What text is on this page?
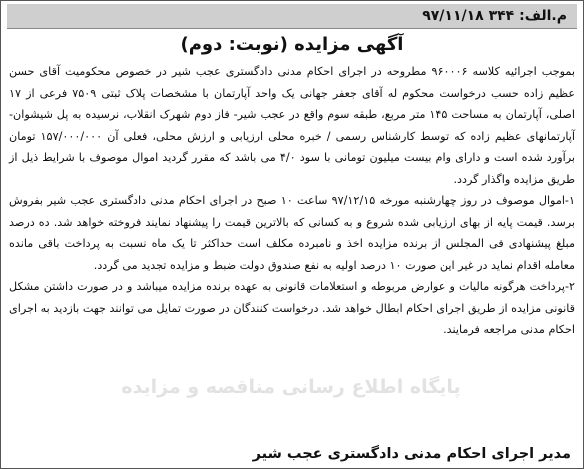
م.الف: ۳۴۴ ۹۷/۱۱/۱۸
آگهی مزایده (نوبت: دوم)

بموجب اجرائیه کلاسه ۹۶۰۰۰۶ مطروحه در اجرای احکام مدنی دادگستری عجب شیر در خصوص محکومیت آقای حسن عظیم زاده حسب درخواست محکوم له آقای جعفر جهانی یک واحد آپارتمان با مشخصات پلاک ثبتی ۷۵۰۹ فرعی از ۱۷ اصلی، آپارتمان به مساحت ۱۴۵ متر مربع، طبقه سوم واقع در عجب شیر- فاز دوم شهرک انقلاب، نرسیده به پل شیشوان- آپارتمانهای عظیم زاده که توسط کارشناس رسمی / خبره محلی ارزیابی و ارزش محلی، فعلی آن ۱۵۷/۰۰۰/۰۰۰ تومان برآورد شده است و دارای وام بیست میلیون تومانی با سود ۴/۰ می باشد که مقرر گردید اموال موصوف با شرایط ذیل از طریق مزایده واگذار گردد.

۱-اموال موصوف در روز چهارشنبه مورخه ۹۷/۱۲/۱۵ ساعت ۱۰ صبح در اجرای احکام مدنی دادگستری عجب شیر بفروش برسد. قیمت پایه از بهای ارزیابی شده شروع و به کسانی که بالاترین قیمت را پیشنهاد نمایند فروخته خواهد شد. ده درصد مبلغ پیشنهادی فی المجلس از برنده مزایده اخذ و نامبرده مکلف است حداکثر تا یک ماه نسبت به پرداخت باقی مانده معامله اقدام نماید در غیر این صورت ۱۰ درصد اولیه به نفع صندوق دولت ضبط و مزایده تجدید می گردد.

۲-پرداخت هرگونه مالیات و عوارض مربوطه و استعلامات قانونی به عهده برنده مزایده میباشد و در صورت داشتن مشکل قانونی مزایده از طریق اجرای احکام ابطال خواهد شد. درخواست کنندگان در صورت تمایل می توانند جهت بازدید به اجرای احکام مدنی مراجعه فرمایند.

پایگاه اطلاع رسانی مناقصه و مزایده
مدیر اجرای احکام مدنی دادگستری عجب شیر
